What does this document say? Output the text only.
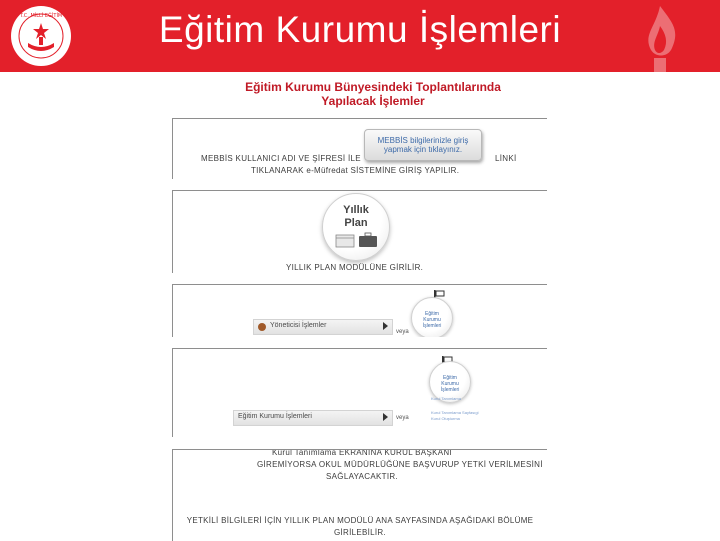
T.C. MİLLİ EĞİTİM	Eğitim Kurumu İşlemleri
Eğitim Kurumu Bünyesindeki Toplantılarında
Yapılacak İşlemler
MEBBİS bilgilerinizle giriş
yapmak için tıklayınız.
MEBBİS KULLANICI ADI VE ŞİFRESİ İLE	LİNKİ
TIKLANARAK e-Müfredat SİSTEMİNE GİRİŞ YAPILIR.
Yıllık
Plan
YILLIK PLAN MODÜLÜNE GİRİLİR.
Yöneticisi İşlemler
veya
Eğitim
Kurumu
İşlemleri
Eğitim Kurumu İşlemleri	veya
Eğitim
Kurumu
İşlemleri
Kurul Tanımlama
Kurul Tanımlama Sayfasıgi
Kurul Oluşturma
Kurul Tanımlama EKRANINA KURUL BAŞKANI
GİREMİYORSA OKUL MÜDÜRLÜĞÜNE BAŞVURUP YETKİ VERİLMESİNİ
SAĞLAYACAKTIR.
YETKİLİ BİLGİLERİ İÇİN YILLIK PLAN MODÜLÜ ANA SAYFASINDA AŞAĞIDAKİ BÖLÜME
GİRİLEBİLİR.
